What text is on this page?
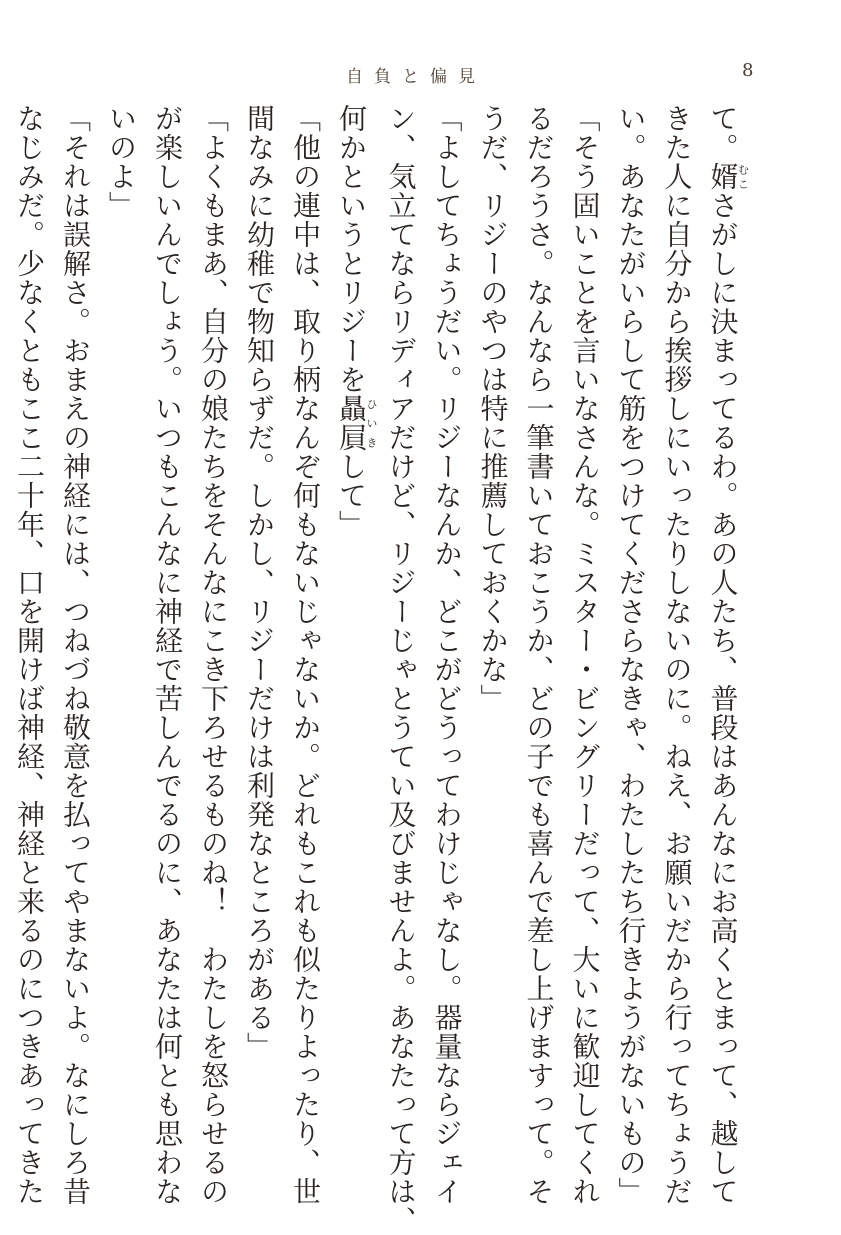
自負と偏見	8

て。婿むこさがしに決まってるわ。あの人たち、普段はあんなにお高くとまって、越して

きた人に自分から挨拶しにいったりしないのに。ねえ、お願いだから行ってちょうだ

い。あなたがいらして筋をつけてくださらなきゃ、わたしたち行きようがないもの」

「そう固いことを言いなさんな。ミスター・ビングリーだって、大いに歓迎してくれ

るだろうさ。なんなら一筆書いておこうか、どの子でも喜んで差し上げますって。そ

うだ、リジーのやつは特に推薦しておくかな」

「よしてちょうだい。リジーなんか、どこがどうってわけじゃなし。器量ならジェイ

ン、気立てならリディアだけど、リジーじゃとうてい及びませんよ。あなたって方は、

何かというとリジーを贔屓ひいきして」

「他の連中は、取り柄なんぞ何もないじゃないか。どれもこれも似たりよったり、世

間なみに幼稚で物知らずだ。しかし、リジーだけは利発なところがある」

「よくもまあ、自分の娘たちをそんなにこき下ろせるものね！　わたしを怒らせるの

が楽しいんでしょう。いつもこんなに神経で苦しんでるのに、あなたは何とも思わな

いのよ」

「それは誤解さ。おまえの神経には、つねづね敬意を払ってやまないよ。なにしろ昔

なじみだ。少なくともここ二十年、口を開けば神経、神経と来るのにつきあってきた
